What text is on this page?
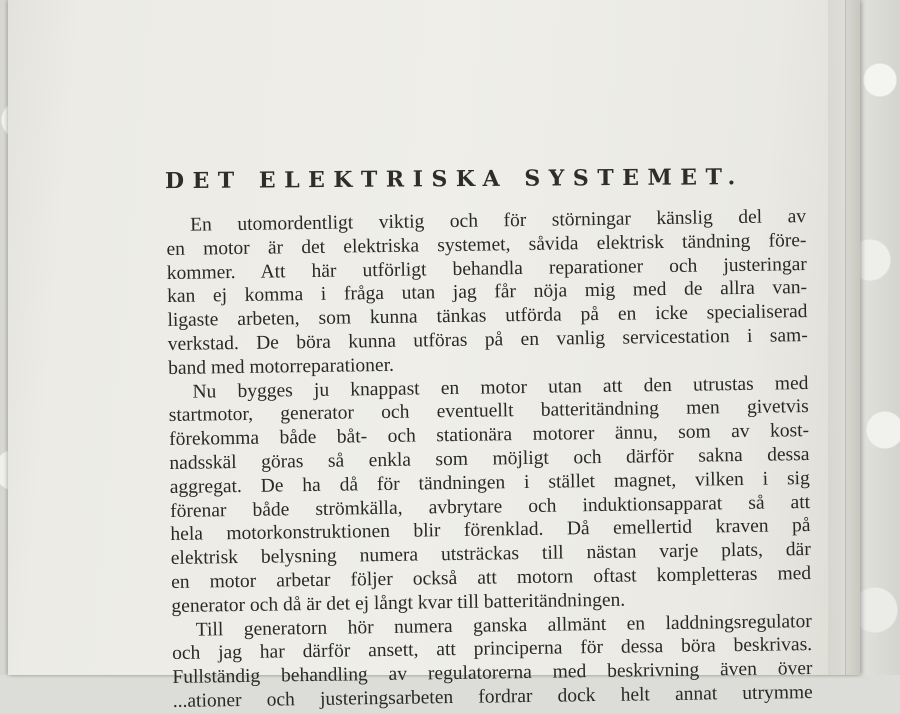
DET ELEKTRISKA SYSTEMET.
En utomordentligt viktig och för störningar känslig del av
en motor är det elektriska systemet, såvida elektrisk tändning före-
kommer. Att här utförligt behandla reparationer och justeringar
kan ej komma i fråga utan jag får nöja mig med de allra van-
ligaste arbeten, som kunna tänkas utförda på en icke specialiserad
verkstad. De böra kunna utföras på en vanlig servicestation i sam-
band med motorreparationer.
Nu bygges ju knappast en motor utan att den utrustas med
startmotor, generator och eventuellt batteritändning men givetvis
förekomma både båt- och stationära motorer ännu, som av kost-
nadsskäl göras så enkla som möjligt och därför sakna dessa
aggregat. De ha då för tändningen i stället magnet, vilken i sig
förenar både strömkälla, avbrytare och induktionsapparat så att
hela motorkonstruktionen blir förenklad. Då emellertid kraven på
elektrisk belysning numera utsträckas till nästan varje plats, där
en motor arbetar följer också att motorn oftast kompletteras med
generator och då är det ej långt kvar till batteritändningen.
Till generatorn hör numera ganska allmänt en laddningsregulator
och jag har därför ansett, att principerna för dessa böra beskrivas.
Fullständig behandling av regulatorerna med beskrivning även över
...ationer och justeringsarbeten fordrar dock helt annat utrymme
